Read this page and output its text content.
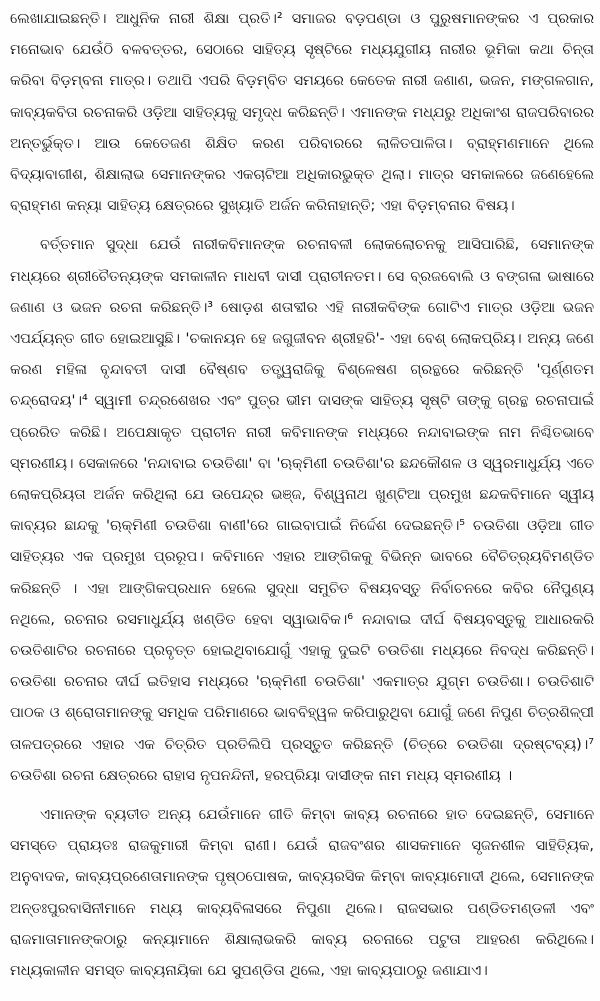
ଲେଖାଯାଇଛନ୍ତି। ଆଧୁନିକ ନାରୀ ଶିକ୍ଷା ପ୍ରତି।² ସମାଜର ବଡ଼ପଣ୍ଡା ଓ ପୁରୁଷମାନଙ୍କର ଏ ପ୍ରକାର ମନୋଭାବ ଯେଉଁଠି ବଳବତ୍ତର, ସେଠାରେ ସାହିତ୍ୟ ସୃଷ୍ଟିରେ ମଧ୍ୟଯୁଗୀୟ ନାରୀର ଭୂମିକା କଥା ଚିନ୍ତା କରିବା ବିଡ଼ମ୍ବନା ମାତ୍ର। ତଥାପି ଏପରି ବିଡ଼ମ୍ବିତ ସମୟରେ କେତେକ ନାରୀ ଜଣାଣ, ଭଜନ, ମଙ୍ଗଳଗାନ, କାବ୍ୟକବିତା ରଚନାକରି ଓଡ଼ିଆ ସାହିତ୍ୟକୁ ସମୃଦ୍ଧ କରିଛନ୍ତି। ଏମାନଙ୍କ ମଧ୍ଯରୁ ଅଧିକାଂଶ ରାଜପରିବାରର ଅନ୍ତର୍ଭୁକ୍ତ। ଆଉ କେତେଜଣ ଶିକ୍ଷିତ କରଣ ପରିବାରରେ ଲାଳିତପାଳିତା। ବ୍ରାହ୍ମଣମାନେ ଥିଲେ ବିଦ୍ୟାବାଗୀଶ, ଶିକ୍ଷାଲାଭ ସେମାନଙ୍କର ଏକଚାଟିଆ ଅଧିକାରଭୁକ୍ତ ଥିଲା। ମାତ୍ର ସମକାଳରେ ଜଣେହେଲେ ବ୍ରାହ୍ମଣ କନ୍ୟା ସାହିତ୍ୟ କ୍ଷେତ୍ରରେ ସୁଖ୍ୟାତି ଅର୍ଜନ କରିନାହାନ୍ତି; ଏହା ବିଡ଼ମ୍ବନାର ବିଷୟ।

ବର୍ତ୍ତମାନ ସୁଦ୍ଧା ଯେଉଁ ନାରୀକବିମାନଙ୍କ ରଚନାବଳୀ ଲୋକଲୋଚନକୁ ଆସିପାରିଛି, ସେମାନଙ୍କ ମଧ୍ୟରେ ଶ୍ରୀଚୈତନ୍ୟଙ୍କ ସମକାଳୀନ ମାଧବୀ ଦାସୀ ପ୍ରାଚୀନତମ। ସେ ବ୍ରଜବୋଲି ଓ ବଙ୍ଗଳା ଭାଷାରେ ଜଣାଣ ଓ ଭଜନ ରଚନା କରିଛନ୍ତି।³ ଷୋଡ଼ଶ ଶତାବ୍ଦୀର ଏହି ନାରୀକବିଙ୍କ ଗୋଟିଏ ମାତ୍ର ଓଡ଼ିଆ ଭଜନ ଏପର୍ଯ୍ୟନ୍ତ ଗୀତ ହୋଇଆସୁଛି। 'ଚକାନୟନ ହେ ଜଗୁଜୀବନ ଶ୍ରୀହରି'- ଏହା ବେଶ୍ ଲୋକପ୍ରିୟ। ଅନ୍ୟ ଜଣେ କରଣ ମହିଳା ବୃନ୍ଦାବତୀ ଦାସୀ ବୈଷ୍ଣବ ତତ୍ତ୍ୱରାଜିକୁ ବିଶ୍ଳେଷଣ ଗ୍ରନ୍ଥରେ କରିଛନ୍ତି 'ପୂର୍ଣ୍ଣତମ ଚନ୍ଦ୍ରୋଦୟ'।⁴ ସ୍ୱାମୀ ଚନ୍ଦ୍ରଶେଖର ଏବଂ ପୁତ୍ର ଭୀମ ଦାସଙ୍କ ସାହିତ୍ୟ ସୃଷ୍ଟି ତାଙ୍କୁ ଗ୍ରନ୍ଥ ରଚନାପାଇଁ ପ୍ରେରିତ କରିଛି। ଅପେକ୍ଷାକୃତ ପ୍ରାଚୀନ ନାରୀ କବିମାନଙ୍କ ମଧ୍ୟରେ ନନ୍ଦାବାଇଙ୍କ ନାମ ନିଶ୍ଚିତଭାବେ ସ୍ମରଣୀୟ। ସେକାଳରେ 'ନନ୍ଦାବାଇ ଚଉତିଶା' ବା 'ଋକ୍ମିଣୀ ଚଉତିଶା'ର ଛନ୍ଦକୌଶଳ ଓ ସ୍ୱରମାଧୁର୍ଯ୍ୟ ଏତେ ଲୋକପ୍ରିୟତା ଅର୍ଜନ କରିଥିଲା ଯେ ଉପେନ୍ଦ୍ର ଭଞ୍ଜ, ବିଶ୍ୱନାଥ ଖୁଣ୍ଟିଆ ପ୍ରମୁଖ ଛନ୍ଦକବିମାନେ ସ୍ୱୀୟ କାବ୍ୟର ଛାନ୍ଦକୁ 'ଋକ୍ମିଣୀ ଚଉତିଶା ବାଣୀ'ରେ ଗାଇବାପାଇଁ ନିର୍ଦ୍ଦେଶ ଦେଇଛନ୍ତି।⁵ ଚଉତିଶା ଓଡ଼ିଆ ଗୀତ ସାହିତ୍ୟର ଏକ ପ୍ରମୁଖ ପ୍ରରୂପ। କବିମାନେ ଏହାର ଆଙ୍ଗିକକୁ ବିଭିନ୍ନ ଭାବରେ ବୈଚିତ୍ର୍ୟବିମଣ୍ଡିତ କରିଛନ୍ତି । ଏହା ଆଙ୍ଗିକପ୍ରଧାନ ହେଲେ ସୁଦ୍ଧା ସମୁଚିତ ବିଷୟବସ୍ତୁ ନିର୍ବାଚନରେ କବିର ନୈପୁଣ୍ୟ ନଥିଲେ, ରଚନାର ରସମାଧୁର୍ଯ୍ୟ ଖଣ୍ଡିତ ହେବା ସ୍ୱାଭାବିକ।⁶ ନନ୍ଦାବାଇ ଦୀର୍ଘ ବିଷୟବସ୍ତୁକୁ ଆଧାରକରି ଚଉତିଶାଟିର ରଚନାରେ ପ୍ରବୃତ୍ତ ହୋଇଥିବାଯୋଗୁଁ ଏହାକୁ ଦୁଇଟି ଚଉତିଶା ମଧ୍ୟରେ ନିବଦ୍ଧ କରିଛନ୍ତି। ଚଉତିଶା ରଚନାର ଦୀର୍ଘ ଇତିହାସ ମଧ୍ୟରେ 'ଋକ୍ମିଣୀ ଚଉତିଶା' ଏକମାତ୍ର ଯୁଗ୍ମ ଚଉତିଶା। ଚଉତିଶାଟି ପାଠକ ଓ ଶ୍ରୋତାମାନଙ୍କୁ ସମଧିକ ପରିମାଣରେ ଭାବବିହ୍ୱଳ କରିପାରୁଥିବା ଯୋଗୁଁ ଜଣେ ନିପୁଣ ଚିତ୍ରଶିଳ୍ପୀ ତାଳପତ୍ରରେ ଏହାର ଏକ ଚିତ୍ରିତ ପ୍ରତିଲିପି ପ୍ରସ୍ତୁତ କରିଛନ୍ତି (ଚିତ୍ରେ ଚଉତିଶା ଦ୍ରଷ୍ଟବ୍ୟ)।⁷ ଚଉତିଶା ରଚନା କ୍ଷେତ୍ରରେ ରାହାସ ନୃପନନ୍ଦିନୀ, ହରପ୍ରିୟା ଦାସୀଙ୍କ ନାମ ମଧ୍ୟ ସ୍ମରଣୀୟ ।

ଏମାନଙ୍କ ବ୍ୟତୀତ ଅନ୍ୟ ଯେଉଁମାନେ ଗୀତି କିମ୍ବା କାବ୍ୟ ରଚନାରେ ହାତ ଦେଇଛନ୍ତି, ସେମାନେ ସମସ୍ତେ ପ୍ରାୟତଃ ରାଜକୁମାରୀ କିମ୍ବା ରାଣୀ। ଯେଉଁ ରାଜବଂଶର ଶାସକମାନେ ସୃଜନଶୀଳ ସାହିତ୍ୟିକ, ଅନୁବାଦକ, କାବ୍ୟପ୍ରଣେତାମାନଙ୍କ ପୃଷ୍ଠପୋଷକ, କାବ୍ୟରସିକ କିମ୍ବା କାବ୍ୟାମୋଦୀ ଥିଲେ, ସେମାନଙ୍କ ଅନ୍ତଃପୁରବାସିନୀମାନେ ମଧ୍ୟ କାବ୍ୟବିଳାସରେ ନିପୁଣା ଥିଲେ। ରାଜସଭାର ପଣ୍ଡିତମଣ୍ଡଳୀ ଏବଂ ରାଜମାତାମାନଙ୍କଠାରୁ କନ୍ୟାମାନେ ଶିକ୍ଷାଲାଭକରି କାବ୍ୟ ରଚନାରେ ପଟୁତା ଆହରଣ କରିଥିଲେ। ମଧ୍ୟକାଳୀନ ସମସ୍ତ କାବ୍ୟନାୟିକା ଯେ ସୁପଣ୍ଡିତା ଥିଲେ, ଏହା କାବ୍ୟପାଠରୁ ଜଣାଯାଏ।
